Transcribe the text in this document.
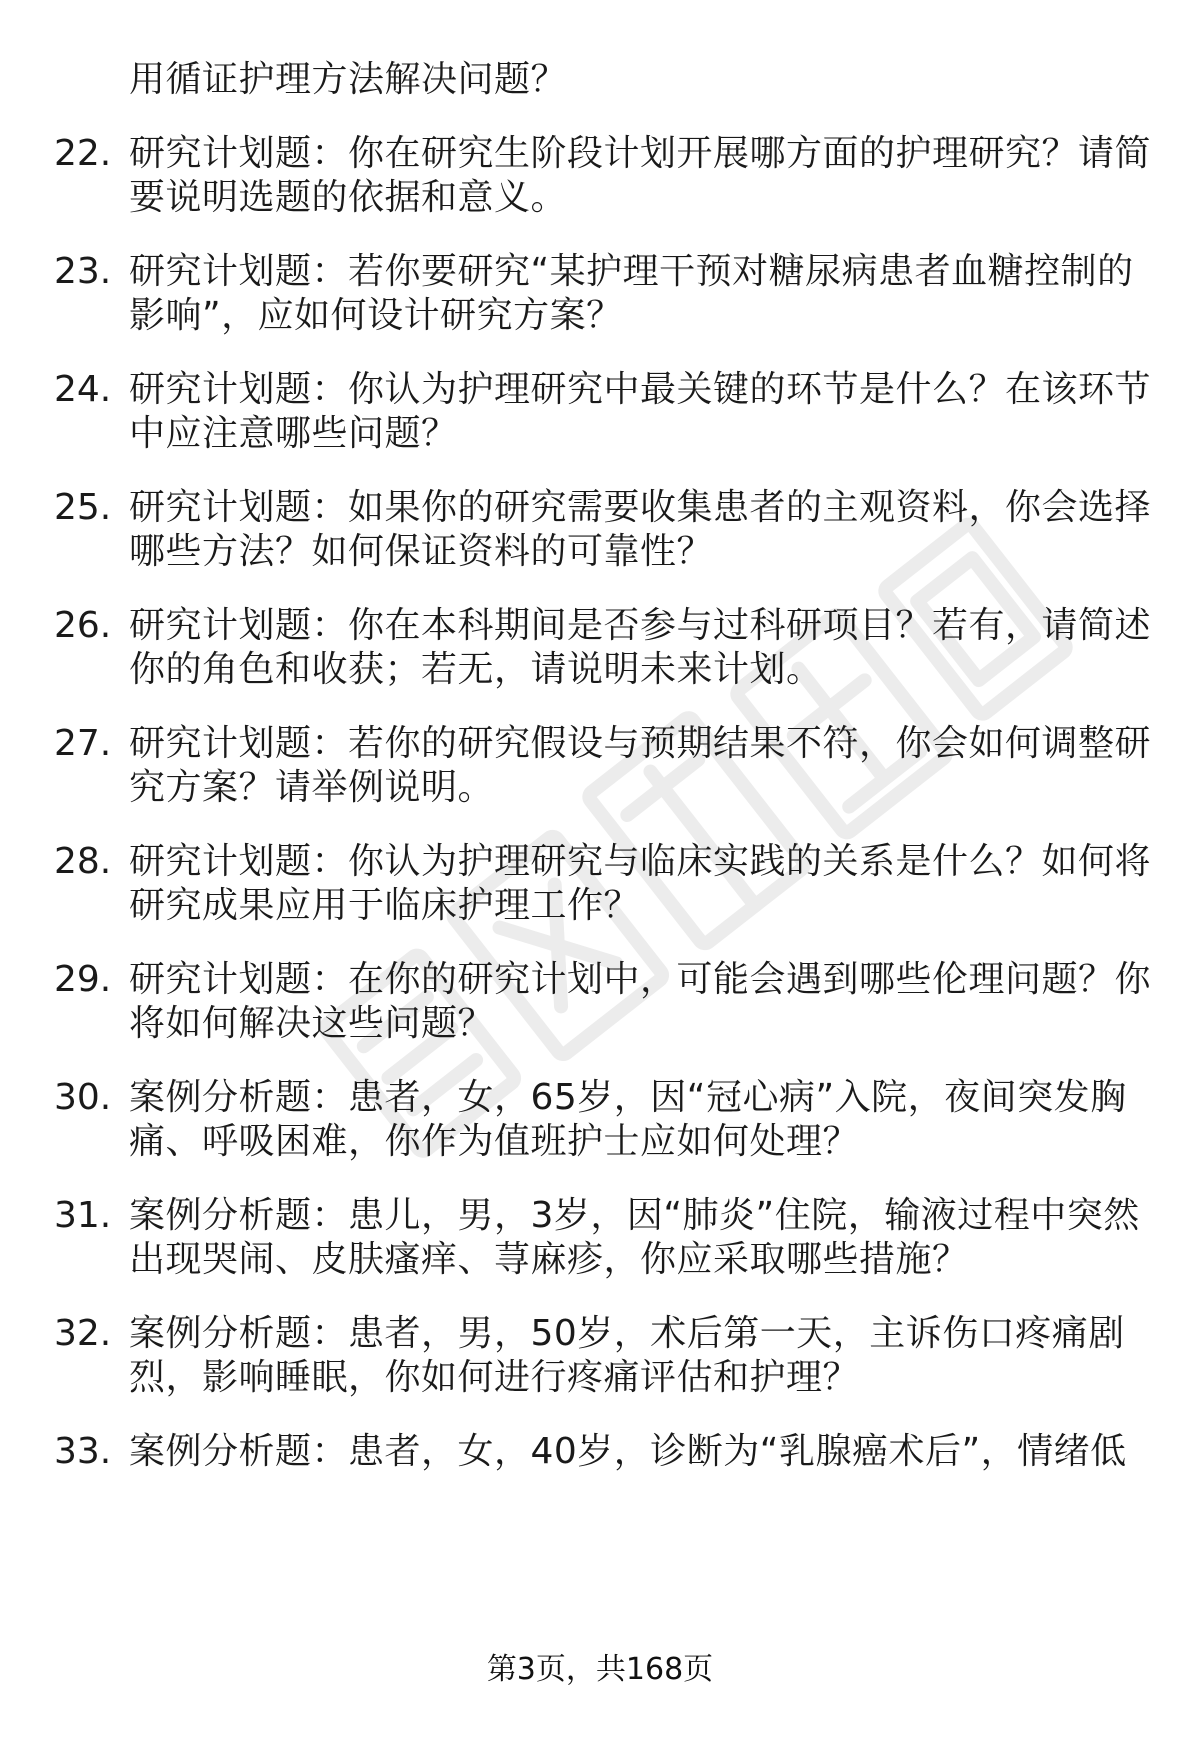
用循证护理方法解决问题？
22. 研究计划题：你在研究生阶段计划开展哪方面的护理研究？请简
要说明选题的依据和意义。
23. 研究计划题：若你要研究“某护理干预对糖尿病患者血糖控制的
影响”，应如何设计研究方案？
24. 研究计划题：你认为护理研究中最关键的环节是什么？在该环节
中应注意哪些问题？
25. 研究计划题：如果你的研究需要收集患者的主观资料，你会选择
哪些方法？如何保证资料的可靠性？
26. 研究计划题：你在本科期间是否参与过科研项目？若有，请简述
你的角色和收获；若无，请说明未来计划。
27. 研究计划题：若你的研究假设与预期结果不符，你会如何调整研
究方案？请举例说明。
28. 研究计划题：你认为护理研究与临床实践的关系是什么？如何将
研究成果应用于临床护理工作？
29. 研究计划题：在你的研究计划中，可能会遇到哪些伦理问题？你
将如何解决这些问题？
30. 案例分析题：患者，女，65岁，因“冠心病”入院，夜间突发胸
痛、呼吸困难，你作为值班护士应如何处理？
31. 案例分析题：患儿，男，3岁，因“肺炎”住院，输液过程中突然
出现哭闹、皮肤瘙痒、荨麻疹，你应采取哪些措施？
32. 案例分析题：患者，男，50岁，术后第一天，主诉伤口疼痛剧
烈，影响睡眠，你如何进行疼痛评估和护理？
33. 案例分析题：患者，女，40岁，诊断为“乳腺癌术后”，情绪低
第3页，共168页
